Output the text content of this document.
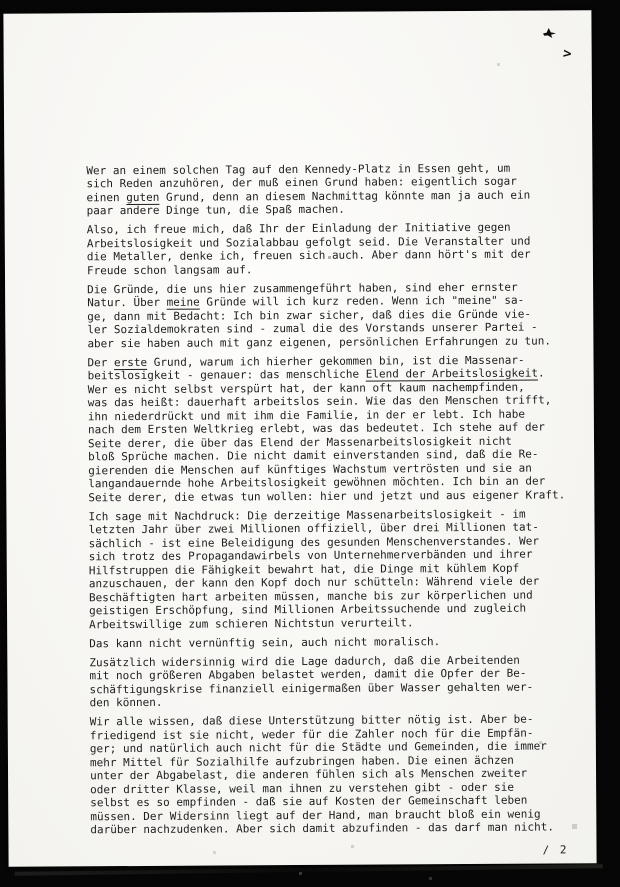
Wer an einem solchen Tag auf den Kennedy-Platz in Essen geht, um
sich Reden anzuhören, der muß einen Grund haben: eigentlich sogar
einen guten Grund, denn an diesem Nachmittag könnte man ja auch ein
paar andere Dinge tun, die Spaß machen.
Also, ich freue mich, daß Ihr der Einladung der Initiative gegen
Arbeitslosigkeit und Sozialabbau gefolgt seid. Die Veranstalter und
die Metaller, denke ich, freuen sich auch. Aber dann hört's mit der
Freude schon langsam auf.
Die Gründe, die uns hier zusammengeführt haben, sind eher ernster
Natur. Über meine Gründe will ich kurz reden. Wenn ich "meine" sa-
ge, dann mit Bedacht: Ich bin zwar sicher, daß dies die Gründe vie-
ler Sozialdemokraten sind - zumal die des Vorstands unserer Partei -
aber sie haben auch mit ganz eigenen, persönlichen Erfahrungen zu tun.
Der erste Grund, warum ich hierher gekommen bin, ist die Massenar-
beitslosigkeit - genauer: das menschliche Elend der Arbeitslosigkeit.
Wer es nicht selbst verspürt hat, der kann oft kaum nachempfinden,
was das heißt: dauerhaft arbeitslos sein. Wie das den Menschen trifft,
ihn niederdrückt und mit ihm die Familie, in der er lebt. Ich habe
nach dem Ersten Weltkrieg erlebt, was das bedeutet. Ich stehe auf der
Seite derer, die über das Elend der Massenarbeitslosigkeit nicht
bloß Sprüche machen. Die nicht damit einverstanden sind, daß die Re-
gierenden die Menschen auf künftiges Wachstum vertrösten und sie an
langandauernde hohe Arbeitslosigkeit gewöhnen möchten. Ich bin an der
Seite derer, die etwas tun wollen: hier und jetzt und aus eigener Kraft.
Ich sage mit Nachdruck: Die derzeitige Massenarbeitslosigkeit - im
letzten Jahr über zwei Millionen offiziell, über drei Millionen tat-
sächlich - ist eine Beleidigung des gesunden Menschenverstandes. Wer
sich trotz des Propagandawirbels von Unternehmerverbänden und ihrer
Hilfstruppen die Fähigkeit bewahrt hat, die Dinge mit kühlem Kopf
anzuschauen, der kann den Kopf doch nur schütteln: Während viele der
Beschäftigten hart arbeiten müssen, manche bis zur körperlichen und
geistigen Erschöpfung, sind Millionen Arbeitssuchende und zugleich
Arbeitswillige zum schieren Nichtstun verurteilt.
Das kann nicht vernünftig sein, auch nicht moralisch.
Zusätzlich widersinnig wird die Lage dadurch, daß die Arbeitenden
mit noch größeren Abgaben belastet werden, damit die Opfer der Be-
schäftigungskrise finanziell einigermaßen über Wasser gehalten wer-
den können.
Wir alle wissen, daß diese Unterstützung bitter nötig ist. Aber be-
friedigend ist sie nicht, weder für die Zahler noch für die Empfän-
ger; und natürlich auch nicht für die Städte und Gemeinden, die immer
mehr Mittel für Sozialhilfe aufzubringen haben. Die einen ächzen
unter der Abgabelast, die anderen fühlen sich als Menschen zweiter
oder dritter Klasse, weil man ihnen zu verstehen gibt - oder sie
selbst es so empfinden - daß sie auf Kosten der Gemeinschaft leben
müssen. Der Widersinn liegt auf der Hand, man braucht bloß ein wenig
darüber nachzudenken. Aber sich damit abzufinden - das darf man nicht.
/ 2

>
